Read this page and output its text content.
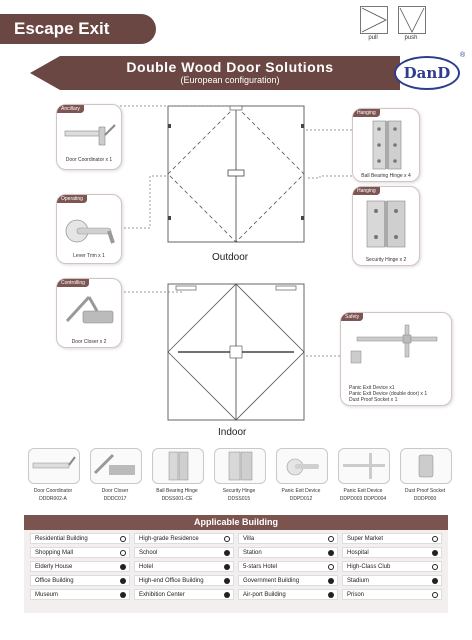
Escape Exit	pull	push
Double Wood Door Solutions
(European configuration)	DanD
®
Outdoor
Indoor
Ancillary
Door Coordinator x 1
Operating
Lever Trim x 1
Controlling
Door Closer x 2
Hanging
Ball Bearing Hinge x 4
Hanging
Security Hinge x 2
Safety
Panic Exit Device x1
Panic Exit Device (double door) x 1
Dust Proof Socket x 1
Door Coordinator
DDDR002-A
Door Closer
DDDC017
Ball Bearing Hinge
DDSS001-CE
Security Hinge
DDSS015
Panic Exit Device
DDPD012
Panic Exit Device
DDPD003 DDPD004
Dust Proof Socket
DDDP000
Applicable Building
Residential Building	High-grade Residence	Villa	Super Market
Shopping Mall	School	Station	Hospital
Elderly House	Hotel	5-stars Hotel	High-Class Club
Office Building	High-end Office Building	Government Building	Stadium
Museum	Exhibition Center	Air-port Building	Prison
